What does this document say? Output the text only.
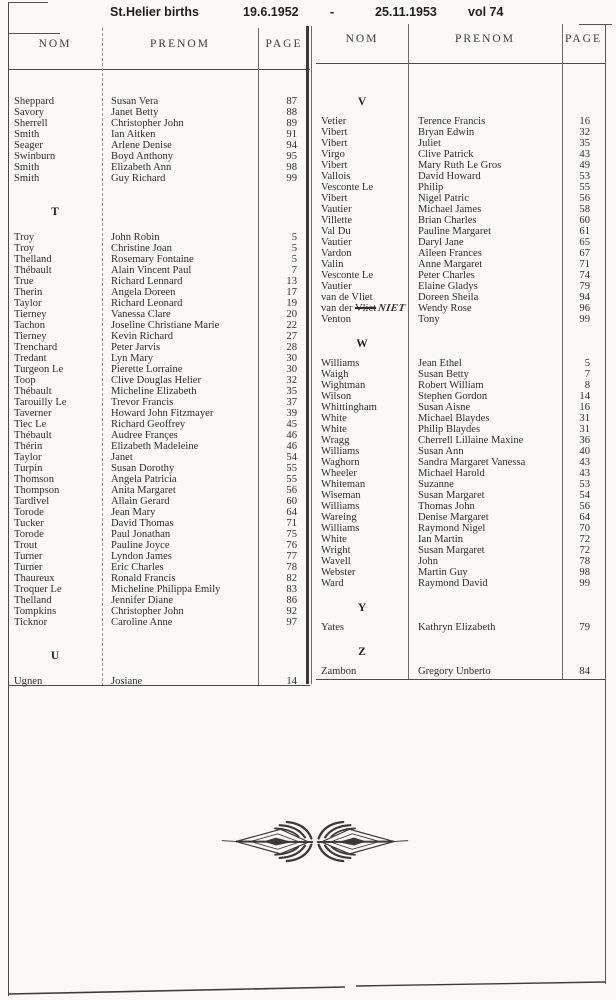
St.Helier births	19.6.1952	-	25.11.1953 vol 74
NOM	PRENOM	PAGE	NOM	PRENOM	PAGE
Sheppard	Susan Vera	87
Savory	Janet Betty	88
Sherrell	Christopher John	89
Smith	Ian Aitken	91
Seager	Arlene Denise	94
Swinburn	Boyd Anthony	95
Smith	Elizabeth Ann	98
Smith	Guy Richard	99
T
Troy	John Robin	5
Troy	Christine Joan	5
Thelland	Rosemary Fontaine	5
Thébault	Alain Vincent Paul	7
True	Richard Lennard	13
Therin	Angela Doreen	17
Taylor	Richard Leonard	19
Tierney	Vanessa Clare	20
Tachon	Joseline Christiane Marie	22
Tierney	Kevin Richard	27
Trenchard	Peter Jarvis	28
Tredant	Lyn Mary	30
Turgeon Le	Pierette Lorraine	30
Toop	Clive Douglas Helier	32
Thébault	Micheline Elizabeth	35
Tarouilly Le	Trevor Francis	37
Taverner	Howard John Fitzmayer	39
Tiec Le	Richard Geoffrey	45
Thébault	Audree Françes	46
Thérin	Elizabeth Madeleine	46
Taylor	Janet	54
Turpin	Susan Dorothy	55
Thomson	Angela Patricia	55
Thompson	Anita Margaret	56
Tardivel	Allain Gerard	60
Torode	Jean Mary	64
Tucker	David Thomas	71
Torode	Paul Jonathan	75
Trout	Pauline Joyce	76
Turner	Lyndon James	77
Turner	Eric Charles	78
Thaureux	Ronald Francis	82
Troquer Le	Micheline Philippa Emily	83
Thelland	Jennifer Diane	86
Tompkins	Christopher John	92
Ticknor	Caroline Anne	97
U
Ugnen	Josiane	14
V
Vetier	Terence Francis	16
Vibert	Bryan Edwin	32
Vibert	Juliet	35
Virgo	Clive Patrick	43
Vibert	Mary Ruth Le Gros	49
Vallois	David Howard	53
Vesconte Le	Philip	55
Vibert	Nigel Patric	56
Vautier	Michael James	58
Villette	Brian Charles	60
Val Du	Pauline Margaret	61
Vautier	Daryl Jane	65
Vardon	Aileen Frances	67
Valin	Anne Margaret	71
Vesconte Le	Peter Charles	74
Vautier	Elaine Gladys	79
van de Vliet	Doreen Sheila	94
van der VlietNIET	Wendy Rose	96
Venton	Tony	99
W
Williams	Jean Ethel	5
Waigh	Susan Betty	7
Wightman	Robert William	8
Wilson	Stephen Gordon	14
Whittingham	Susan Aisne	16
White	Michael Blaydes	31
White	Philip Blaydes	31
Wragg	Cherrell Lillaine Maxine	36
Williams	Susan Ann	40
Waghorn	Sandra Margaret Vanessa	43
Wheeler	Michael Harold	43
Whiteman	Suzanne	53
Wiseman	Susan Margaret	54
Williams	Thomas John	56
Wareing	Denise Margaret	64
Williams	Raymond Nigel	70
White	Ian Martin	72
Wright	Susan Margaret	72
Wavell	John	78
Webster	Martin Guy	98
Ward	Raymond David	99
Y
Yates	Kathryn Elizabeth	79
Z
Zambon	Gregory Unberto	84
